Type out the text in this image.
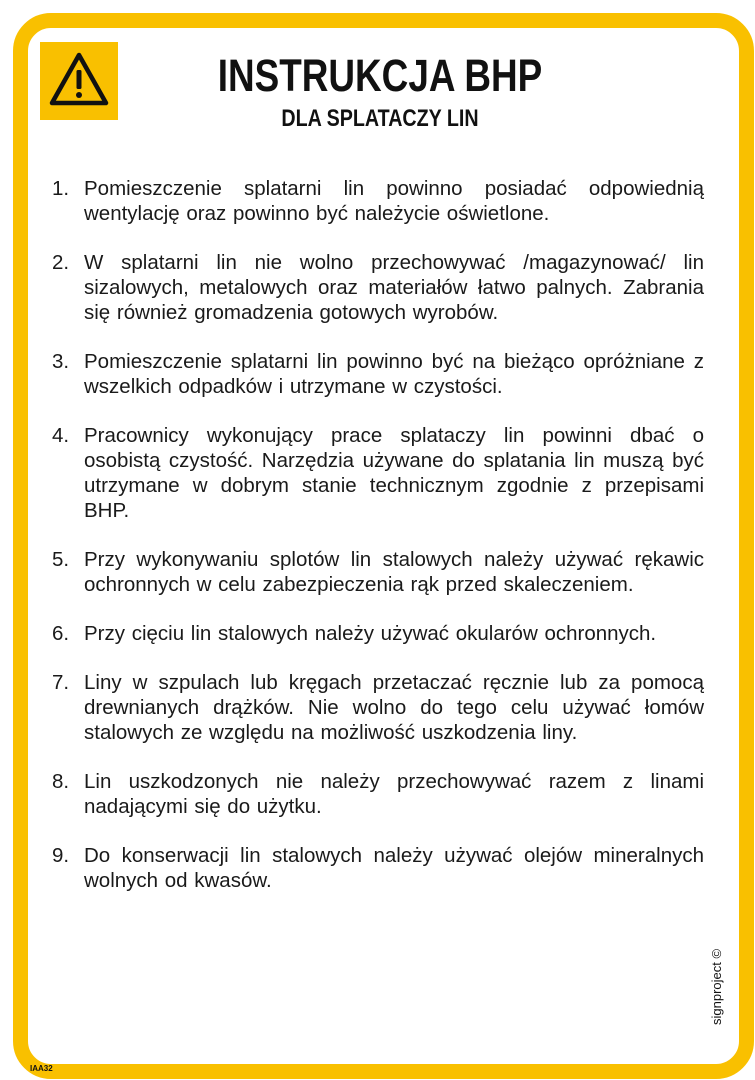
INSTRUKCJA BHP
DLA SPLATACZY LIN
1. Pomieszczenie splatarni lin powinno posiadać odpowiednią wentylację oraz powinno być należycie oświetlone.
2. W splatarni lin nie wolno przechowywać /magazynować/ lin sizalowych, metalowych oraz materiałów łatwo palnych. Zabrania się również gromadzenia gotowych wyrobów.
3. Pomieszczenie splatarni lin powinno być na bieżąco opróżniane z wszelkich odpadków i utrzymane w czystości.
4. Pracownicy wykonujący prace splataczy lin powinni dbać o osobistą czystość. Narzędzia używane do splatania lin muszą być utrzymane w dobrym stanie technicznym zgodnie z przepisami BHP.
5. Przy wykonywaniu splotów lin stalowych należy używać rękawic ochronnych w celu zabezpieczenia rąk przed skaleczeniem.
6. Przy cięciu lin stalowych należy używać okularów ochronnych.
7. Liny w szpulach lub kręgach przetaczać ręcznie lub za pomocą drewnianych drążków. Nie wolno do tego celu używać łomów stalowych ze względu na możliwość uszkodzenia liny.
8. Lin uszkodzonych nie należy przechowywać razem z linami nadającymi się do użytku.
9. Do konserwacji lin stalowych należy używać olejów mineralnych wolnych od kwasów.
signproject ©
IAA32
